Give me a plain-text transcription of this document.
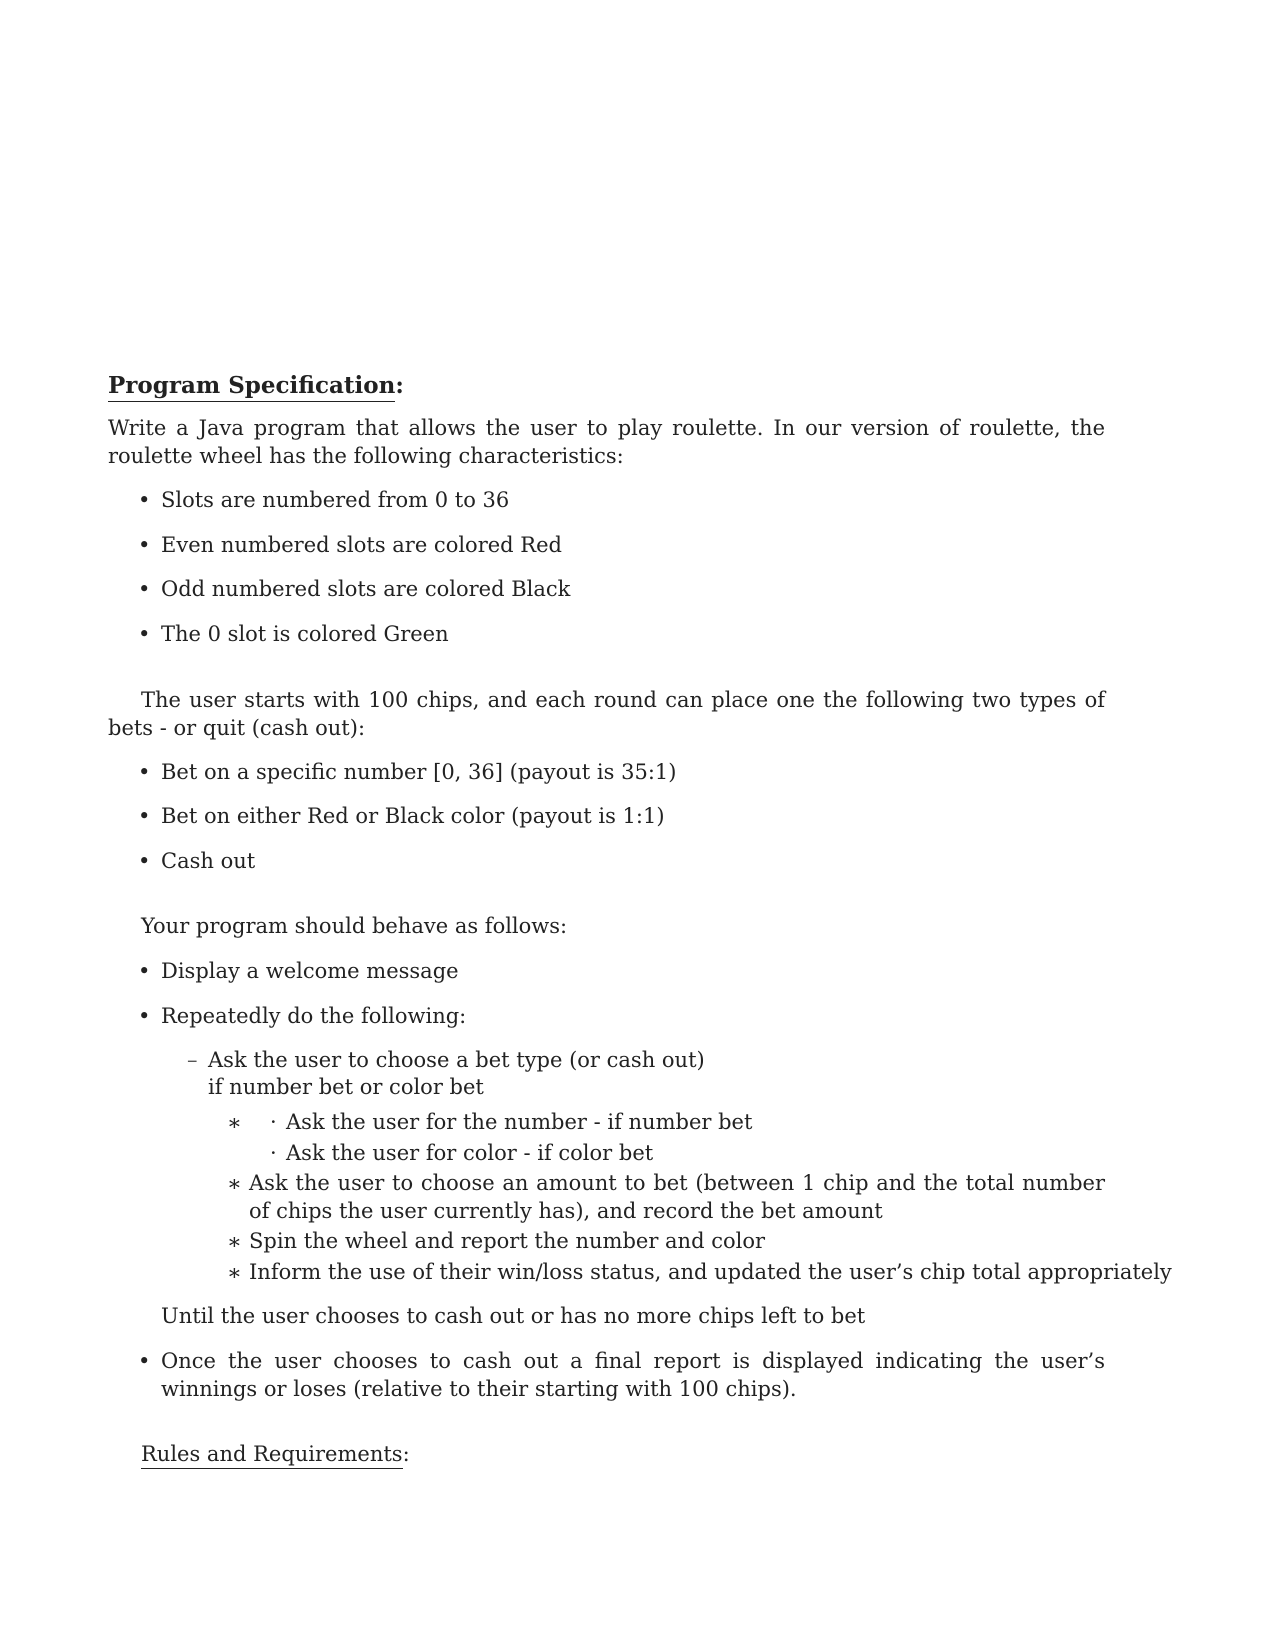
Program Specification:
Write a Java program that allows the user to play roulette. In our version of roulette, the roulette wheel has the following characteristics:
• Slots are numbered from 0 to 36
• Even numbered slots are colored Red
• Odd numbered slots are colored Black
• The 0 slot is colored Green
The user starts with 100 chips, and each round can place one the following two types of bets - or quit (cash out):
• Bet on a specific number [0, 36] (payout is 35:1)
• Bet on either Red or Black color (payout is 1:1)
• Cash out
Your program should behave as follows:
• Display a welcome message
• Repeatedly do the following:
– Ask the user to choose a bet type (or cash out)
if number bet or color bet
∗ · Ask the user for the number - if number bet
· Ask the user for color - if color bet
∗ Ask the user to choose an amount to bet (between 1 chip and the total number of chips the user currently has), and record the bet amount
∗ Spin the wheel and report the number and color
∗ Inform the use of their win/loss status, and updated the user’s chip total appropriately
Until the user chooses to cash out or has no more chips left to bet
• Once the user chooses to cash out a final report is displayed indicating the user’s winnings or loses (relative to their starting with 100 chips).
Rules and Requirements:
